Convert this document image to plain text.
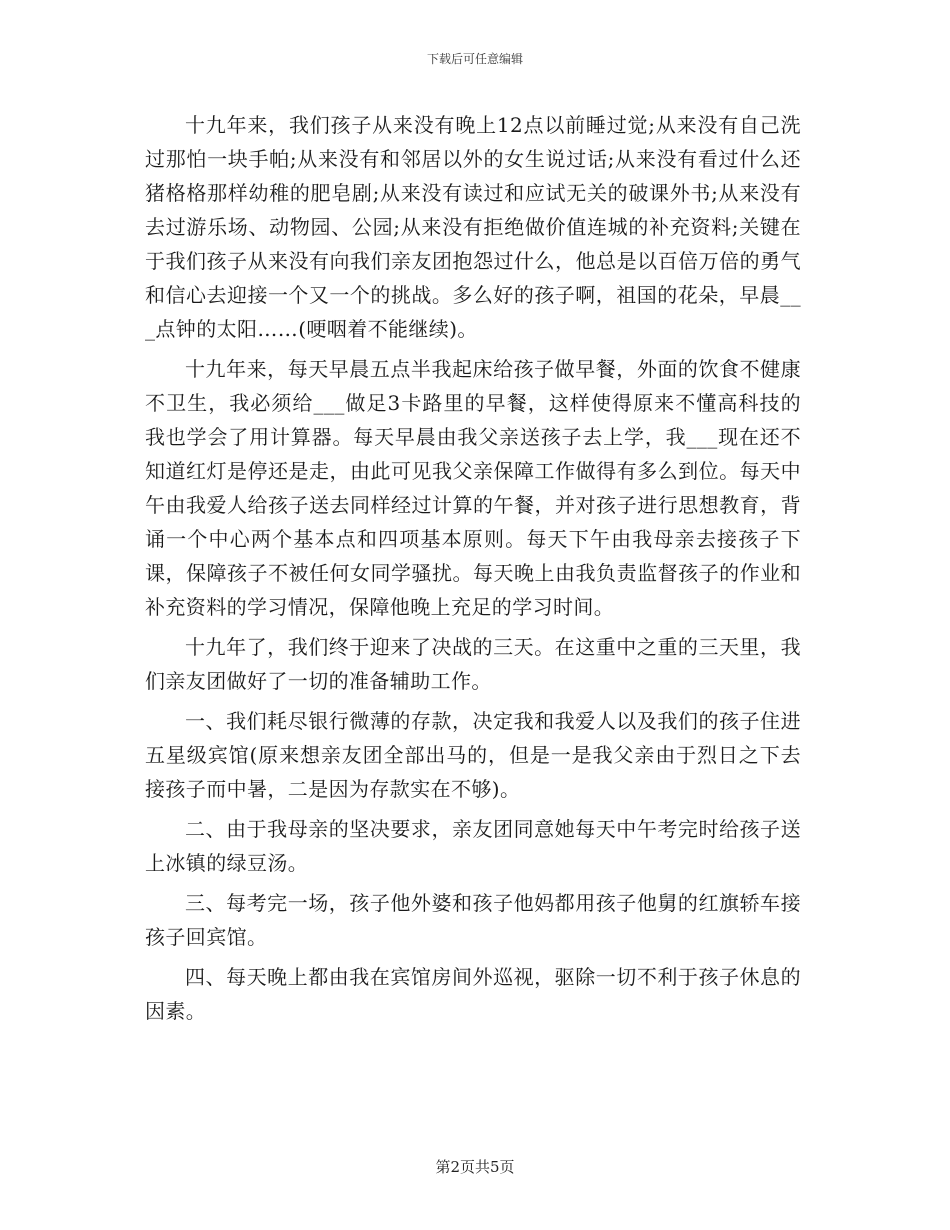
下载后可任意编辑

十九年来，我们孩子从来没有晚上12点以前睡过觉;从来没有自己洗过那怕一块手帕;从来没有和邻居以外的女生说过话;从来没有看过什么还猪格格那样幼稚的肥皂剧;从来没有读过和应试无关的破课外书;从来没有去过游乐场、动物园、公园;从来没有拒绝做价值连城的补充资料;关键在于我们孩子从来没有向我们亲友团抱怨过什么，他总是以百倍万倍的勇气和信心去迎接一个又一个的挑战。多么好的孩子啊，祖国的花朵，早晨___点钟的太阳……(哽咽着不能继续)。

十九年来，每天早晨五点半我起床给孩子做早餐，外面的饮食不健康不卫生，我必须给___做足3卡路里的早餐，这样使得原来不懂高科技的我也学会了用计算器。每天早晨由我父亲送孩子去上学，我___现在还不知道红灯是停还是走，由此可见我父亲保障工作做得有多么到位。每天中午由我爱人给孩子送去同样经过计算的午餐，并对孩子进行思想教育，背诵一个中心两个基本点和四项基本原则。每天下午由我母亲去接孩子下课，保障孩子不被任何女同学骚扰。每天晚上由我负责监督孩子的作业和补充资料的学习情况，保障他晚上充足的学习时间。

十九年了，我们终于迎来了决战的三天。在这重中之重的三天里，我们亲友团做好了一切的准备辅助工作。

一、我们耗尽银行微薄的存款，决定我和我爱人以及我们的孩子住进五星级宾馆(原来想亲友团全部出马的，但是一是我父亲由于烈日之下去接孩子而中暑，二是因为存款实在不够)。

二、由于我母亲的坚决要求，亲友团同意她每天中午考完时给孩子送上冰镇的绿豆汤。

三、每考完一场，孩子他外婆和孩子他妈都用孩子他舅的红旗轿车接孩子回宾馆。

四、每天晚上都由我在宾馆房间外巡视，驱除一切不利于孩子休息的因素。

第2页共5页
